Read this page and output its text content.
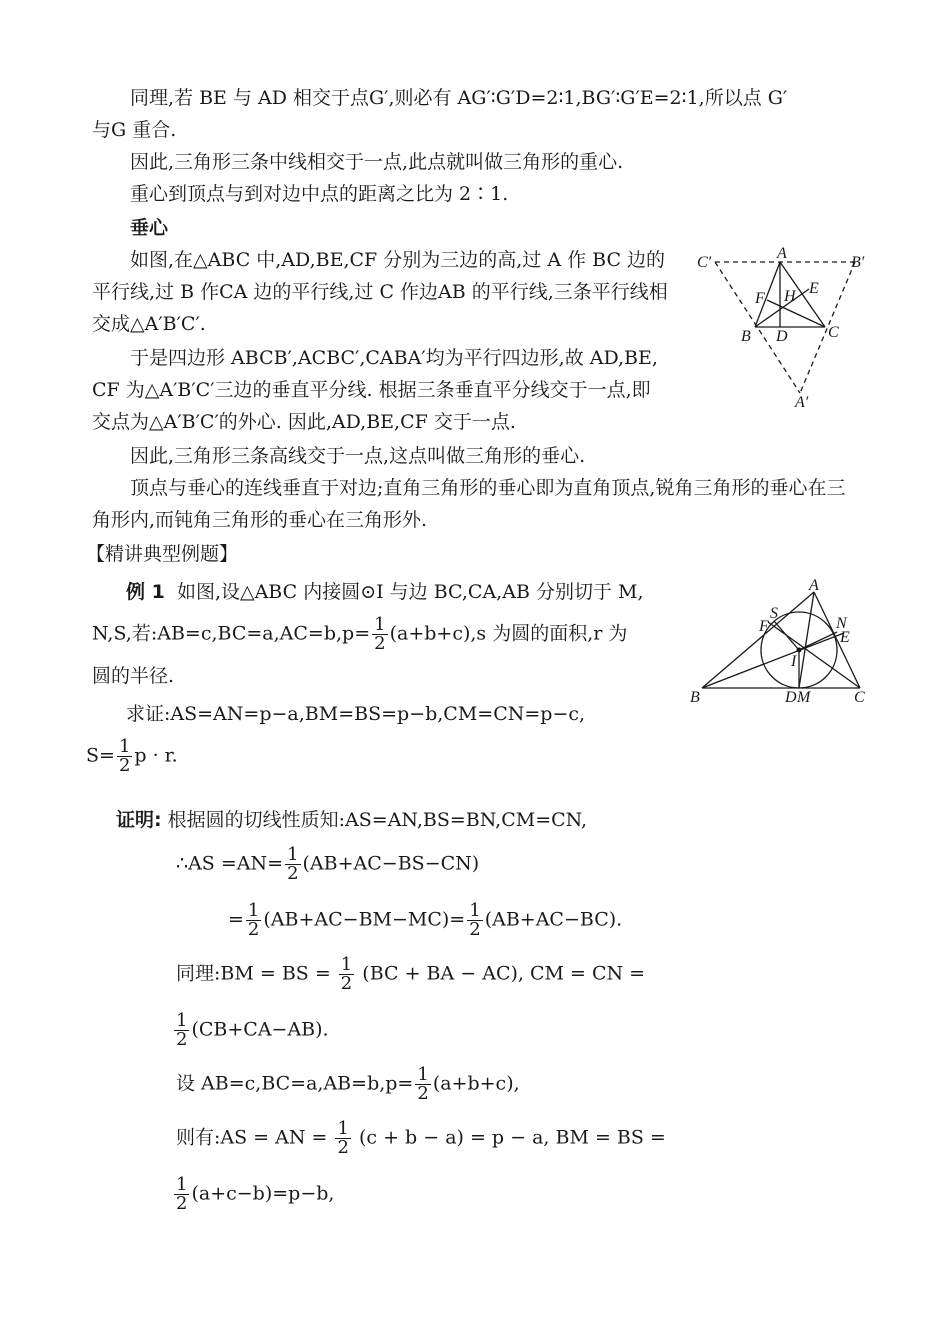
同理,若 BE 与 AD 相交于点G′,则必有 AG′∶G′D=2∶1,BG′∶G′E=2∶1,所以点 G′
与G 重合.
因此,三角形三条中线相交于一点,此点就叫做三角形的重心.
重心到顶点与到对边中点的距离之比为 2∶1.
垂心
如图,在△ABC 中,AD,BE,CF 分别为三边的高,过 A 作 BC 边的
平行线,过 B 作CA 边的平行线,过 C 作边AB 的平行线,三条平行线相
交成△A′B′C′.
于是四边形 ABCB′,ACBC′,CABA′均为平行四边形,故 AD,BE,
CF 为△A′B′C′三边的垂直平分线. 根据三条垂直平分线交于一点,即
交点为△A′B′C′的外心. 因此,AD,BE,CF 交于一点.
因此,三角形三条高线交于一点,这点叫做三角形的垂心.
顶点与垂心的连线垂直于对边;直角三角形的垂心即为直角顶点,锐角三角形的垂心在三
角形内,而钝角三角形的垂心在三角形外.
【精讲典型例题】
例 1 如图,设△ABC 内接圆⊙I 与边 BC,CA,AB 分别切于 M,
N,S,若:AB=c,BC=a,AC=b,p= $\frac{1}{2} (a+b+c),s$ 为圆的面积,r 为
圆的半径.
求证:AS=AN=p−a,BM=BS=p−b,CM=CN=p−c,
$S= \frac{1}{2}$ p · r.
证明: 根据圆的切线性质知:AS=AN,BS=BN,CM=CN,
∴AS $=AN= \frac{1}{2} (AB+AC-BS-CN)$
= $\frac{1}{2} (AB+AC-BM-MC)= \frac{1}{2} (AB+AC-BC)$.
同理:BM = BS = $\frac{1}{2} (BC$ + BA − AC), CM = CN =
$\frac{1}{2} (CB+CA-AB)$.
设 $AB=c,BC=a,AB=b,p= \frac{1}{2} (a+b+c)$,
则有:AS = AN = $\frac{1}{2} (c + b - a) = p - a$, BM = BS =
$\frac{1}{2} (a+c-b)=p-b$,
A
B	C
D
E
F H
A′
B′
C′
A
B	C
D M
N
E
S
F
I
